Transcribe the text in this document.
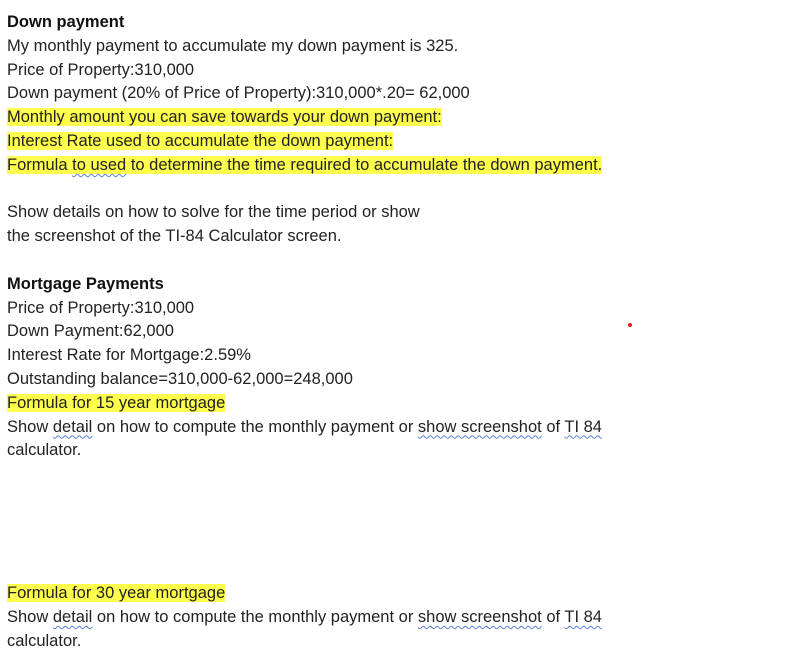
Down payment
My monthly payment to accumulate my down payment is 325.
Price of Property:310,000
Down payment (20% of Price of Property):310,000*.20= 62,000
Monthly amount you can save towards your down payment:
Interest Rate used to accumulate the down payment:
Formula to used to determine the time required to accumulate the down payment.
Show details on how to solve for the time period or show
the screenshot of the TI-84 Calculator screen.
Mortgage Payments
Price of Property:310,000
Down Payment:62,000
Interest Rate for Mortgage:2.59%
Outstanding balance=310,000-62,000=248,000
Formula for 15 year mortgage
Show detail on how to compute the monthly payment or show screenshot of TI 84
calculator.
Formula for 30 year mortgage
Show detail on how to compute the monthly payment or show screenshot of TI 84
calculator.
